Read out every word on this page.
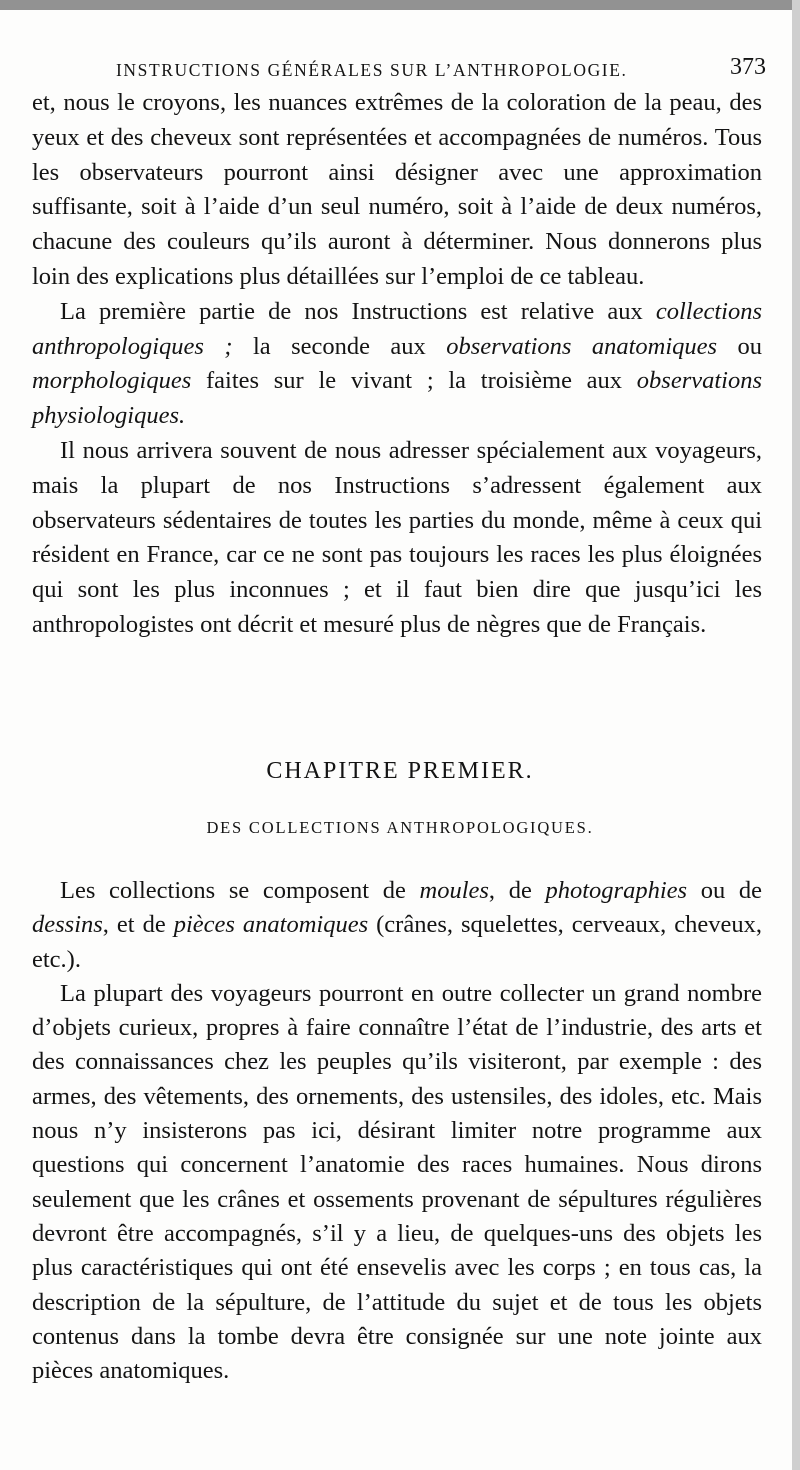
INSTRUCTIONS GÉNÉRALES SUR L’ANTHROPOLOGIE.	373

et, nous le croyons, les nuances extrêmes de la coloration de la peau, des yeux et des cheveux sont représentées et accompagnées de numéros. Tous les observateurs pourront ainsi désigner avec une approximation suffisante, soit à l’aide d’un seul numéro, soit à l’aide de deux numéros, chacune des couleurs qu’ils auront à déterminer. Nous donnerons plus loin des explications plus détaillées sur l’emploi de ce tableau.

La première partie de nos Instructions est relative aux collections anthropologiques ; la seconde aux observations anatomiques ou morphologiques faites sur le vivant ; la troisième aux observations physiologiques.

Il nous arrivera souvent de nous adresser spécialement aux voyageurs, mais la plupart de nos Instructions s’adressent également aux observateurs sédentaires de toutes les parties du monde, même à ceux qui résident en France, car ce ne sont pas toujours les races les plus éloignées qui sont les plus inconnues ; et il faut bien dire que jusqu’ici les anthropologistes ont décrit et mesuré plus de nègres que de Français.

CHAPITRE PREMIER.
DES COLLECTIONS ANTHROPOLOGIQUES.

Les collections se composent de moules, de photographies ou de dessins, et de pièces anatomiques (crânes, squelettes, cerveaux, cheveux, etc.).

La plupart des voyageurs pourront en outre collecter un grand nombre d’objets curieux, propres à faire connaître l’état de l’industrie, des arts et des connaissances chez les peuples qu’ils visiteront, par exemple : des armes, des vêtements, des ornements, des ustensiles, des idoles, etc. Mais nous n’y insisterons pas ici, désirant limiter notre programme aux questions qui concernent l’anatomie des races humaines. Nous dirons seulement que les crânes et ossements provenant de sépultures régulières devront être accompagnés, s’il y a lieu, de quelques-uns des objets les plus caractéristiques qui ont été ensevelis avec les corps ; en tous cas, la description de la sépulture, de l’attitude du sujet et de tous les objets contenus dans la tombe devra être consignée sur une note jointe aux pièces anatomiques.
